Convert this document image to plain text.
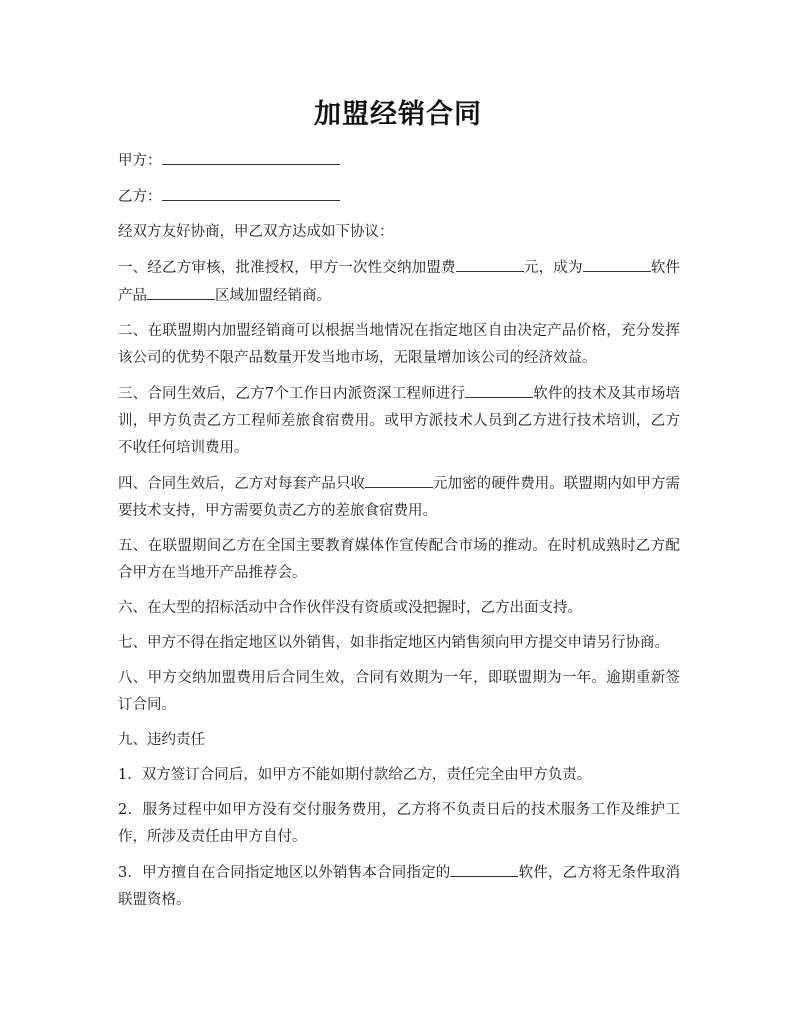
加盟经销合同

甲方：

乙方：

经双方友好协商，甲乙双方达成如下协议：

一、经乙方审核，批准授权，甲方一次性交纳加盟费	元，成为	软件产品	区域加盟经销商。

二、在联盟期内加盟经销商可以根据当地情况在指定地区自由决定产品价格，充分发挥该公司的优势不限产品数量开发当地市场，无限量增加该公司的经济效益。

三、合同生效后，乙方7个工作日内派资深工程师进行	软件的技术及其市场培训，甲方负责乙方工程师差旅食宿费用。或甲方派技术人员到乙方进行技术培训，乙方不收任何培训费用。

四、合同生效后，乙方对每套产品只收	元加密的硬件费用。联盟期内如甲方需要技术支持，甲方需要负责乙方的差旅食宿费用。

五、在联盟期间乙方在全国主要教育媒体作宣传配合市场的推动。在时机成熟时乙方配合甲方在当地开产品推荐会。

六、在大型的招标活动中合作伙伴没有资质或没把握时，乙方出面支持。

七、甲方不得在指定地区以外销售，如非指定地区内销售须向甲方提交申请另行协商。

八、甲方交纳加盟费用后合同生效，合同有效期为一年，即联盟期为一年。逾期重新签订合同。

九、违约责任

1．双方签订合同后，如甲方不能如期付款给乙方，责任完全由甲方负责。

2．服务过程中如甲方没有交付服务费用，乙方将不负责日后的技术服务工作及维护工作，所涉及责任由甲方自付。

3．甲方擅自在合同指定地区以外销售本合同指定的	软件，乙方将无条件取消联盟资格。
